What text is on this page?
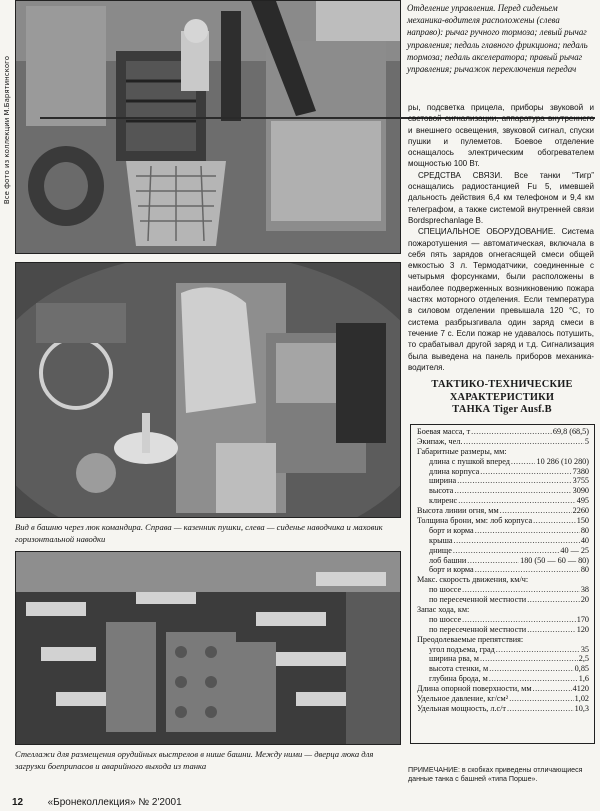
Все фото из коллекции М.Барятинского
Отделение управления. Перед сиденьем механика-водителя расположены (слева направо): рычаг ручного тормоза; левый рычаг управления; педаль главного фрикциона; педаль тормоза; педаль акселератора; правый рычаг управления; рычажок переключения передач
Вид в башню через люк командира. Справа — казенник пушки, слева — сиденье наводчика и маховик горизонтальной наводки
Стеллажи для размещения орудийных выстрелов в нише башни. Между ними — дверца люка для загрузки боеприпасов и аварийного выхода из танка

ры, подсветка прицела, приборы звуковой и световой сигнализации, аппаратура внутреннего и внешнего освещения, звуковой сигнал, спуски пушки и пулеметов. Боевое отделение оснащалось электрическим обогревателем мощностью 100 Вт.

СРЕДСТВА СВЯЗИ. Все танки “Тигр” оснащались радиостанцией Fu 5, имевшей дальность действия 6,4 км телефоном и 9,4 км телеграфом, а также системой внутренней связи Bordsprechanlage B.

СПЕЦИАЛЬНОЕ ОБОРУДОВАНИЕ. Система пожаротушения — автоматическая, включала в себя пять зарядов огнегасящей смеси общей емкостью 3 л. Термодатчики, соединенные с четырьмя форсунками, были расположены в наиболее подверженных возникновению пожара частях моторного отделения. Если температура в силовом отделении превышала 120 °С, то система разбрызгивала один заряд смеси в течение 7 с. Если пожар не удавалось потушить, то срабатывал другой заряд и т.д. Сигнализация была выведена на панель приборов механика-водителя.

ТАКТИКО-ТЕХНИЧЕСКИЕ
ХАРАКТЕРИСТИКИ
ТАНКА Tiger Ausf.B
Боевая масса, т .....	69,8 (68,5)
Экипаж, чел. .....	5
Габаритные размеры, мм:
длина с пушкой вперед .....	10 286 (10 280)
длина корпуса .....	7380
ширина .....	3755
высота .....	3090
клиренс .....	495
Высота линии огня, мм .....	2260
Толщина брони, мм: лоб корпуса .....	150
борт и корма .....	80
крыша .....	40
днище .....	40 — 25
лоб башни .....	180 (50 — 60 — 80)
борт и корма .....	80
Макс. скорость движения, км/ч:
по шоссе .....	38
по пересеченной местности .....	20
Запас хода, км:
по шоссе .....	170
по пересеченной местности .....	120
Преодолеваемые препятствия:
угол подъема, град .....	35
ширина рва, м .....	2,5
высота стенки, м .....	0,85
глубина брода, м .....	1,6
Длина опорной поверхности, мм .....	4120
Удельное давление, кг/см² .....	1,02
Удельная мощность, л.с/т .....	10,3
ПРИМЕЧАНИЕ: в скобках приведены отличающиеся данные танка с башней «типа Порше».
12 «Бронеколлекция» № 2'2001
